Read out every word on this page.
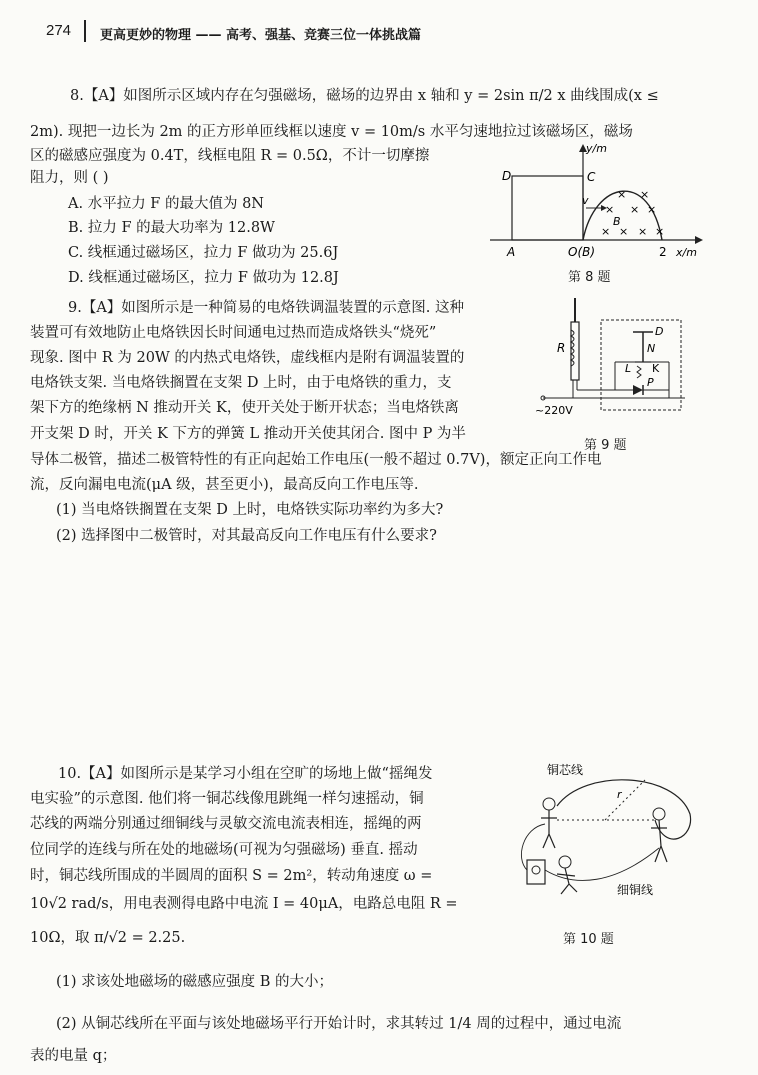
274 更高更妙的物理 —— 高考、强基、竞赛三位一体挑战篇
8.【A】如图所示区域内存在匀强磁场，磁场的边界由 x 轴和 y = 2sin π/2 x 曲线围成(x ≤
2m). 现把一边长为 2m 的正方形单匝线框以速度 v = 10m/s 水平匀速地拉过该磁场区，磁场
区的磁感应强度为 0.4T，线框电阻 R = 0.5Ω，不计一切摩擦
阻力，则 ( )
A. 水平拉力 F 的最大值为 8N
B. 拉力 F 的最大功率为 12.8W
C. 线框通过磁场区，拉力 F 做功为 25.6J
D. 线框通过磁场区，拉力 F 做功为 12.8J
× ×
× × ×
× × × ×
D	C
y/m
A	O(B)	2 x/m
v
B
第 8 题
9.【A】如图所示是一种简易的电烙铁调温装置的示意图. 这种
装置可有效地防止电烙铁因长时间通电过热而造成烙铁头“烧死”
现象. 图中 R 为 20W 的内热式电烙铁，虚线框内是附有调温装置的
电烙铁支架. 当电烙铁搁置在支架 D 上时，由于电烙铁的重力，支
架下方的绝缘柄 N 推动开关 K，使开关处于断开状态；当电烙铁离
开支架 D 时，开关 K 下方的弹簧 L 推动开关使其闭合. 图中 P 为半
导体二极管，描述二极管特性的有正向起始工作电压(一般不超过 0.7V)，额定正向工作电
流，反向漏电电流(μA 级，甚至更小)，最高反向工作电压等.
(1) 当电烙铁搁置在支架 D 上时，电烙铁实际功率约为多大?
(2) 选择图中二极管时，对其最高反向工作电压有什么要求?
R
~220V
D
N
L K
P
第 9 题
10.【A】如图所示是某学习小组在空旷的场地上做“摇绳发
电实验”的示意图. 他们将一铜芯线像甩跳绳一样匀速摇动，铜
芯线的两端分别通过细铜线与灵敏交流电流表相连，摇绳的两
位同学的连线与所在处的地磁场(可视为匀强磁场) 垂直. 摇动
时，铜芯线所围成的半圆周的面积 S = 2m²，转动角速度 ω =
10√2 rad/s，用电表测得电路中电流 I = 40μA，电路总电阻 R =
10Ω，取 π/√2 = 2.25.
(1) 求该处地磁场的磁感应强度 B 的大小；
(2) 从铜芯线所在平面与该处地磁场平行开始计时，求其转过 1/4 周的过程中，通过电流
表的电量 q；
铜芯线
细铜线
r
第 10 题
